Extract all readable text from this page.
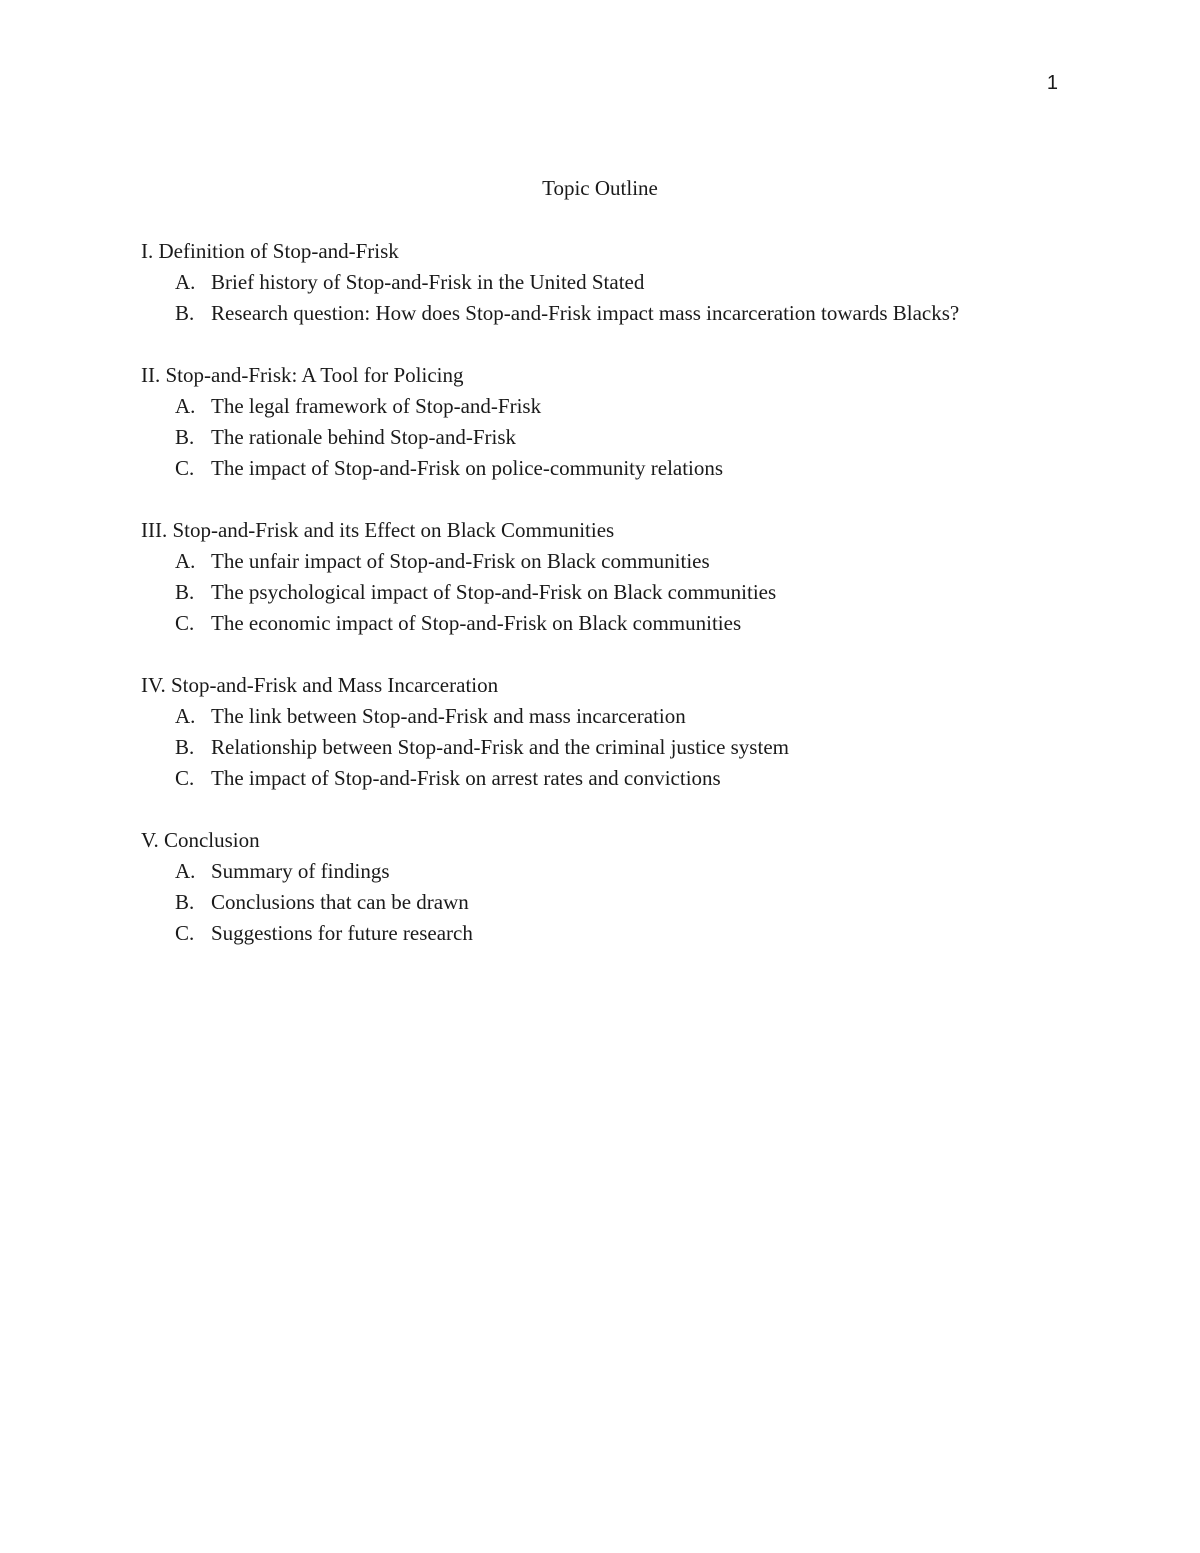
1
Topic Outline
I. Definition of Stop-and-Frisk
A. Brief history of Stop-and-Frisk in the United Stated
B. Research question: How does Stop-and-Frisk impact mass incarceration towards Blacks?
II. Stop-and-Frisk: A Tool for Policing
A. The legal framework of Stop-and-Frisk
B. The rationale behind Stop-and-Frisk
C. The impact of Stop-and-Frisk on police-community relations
III. Stop-and-Frisk and its Effect on Black Communities
A. The unfair impact of Stop-and-Frisk on Black communities
B. The psychological impact of Stop-and-Frisk on Black communities
C. The economic impact of Stop-and-Frisk on Black communities
IV. Stop-and-Frisk and Mass Incarceration
A. The link between Stop-and-Frisk and mass incarceration
B. Relationship between Stop-and-Frisk and the criminal justice system
C. The impact of Stop-and-Frisk on arrest rates and convictions
V. Conclusion
A. Summary of findings
B. Conclusions that can be drawn
C. Suggestions for future research
